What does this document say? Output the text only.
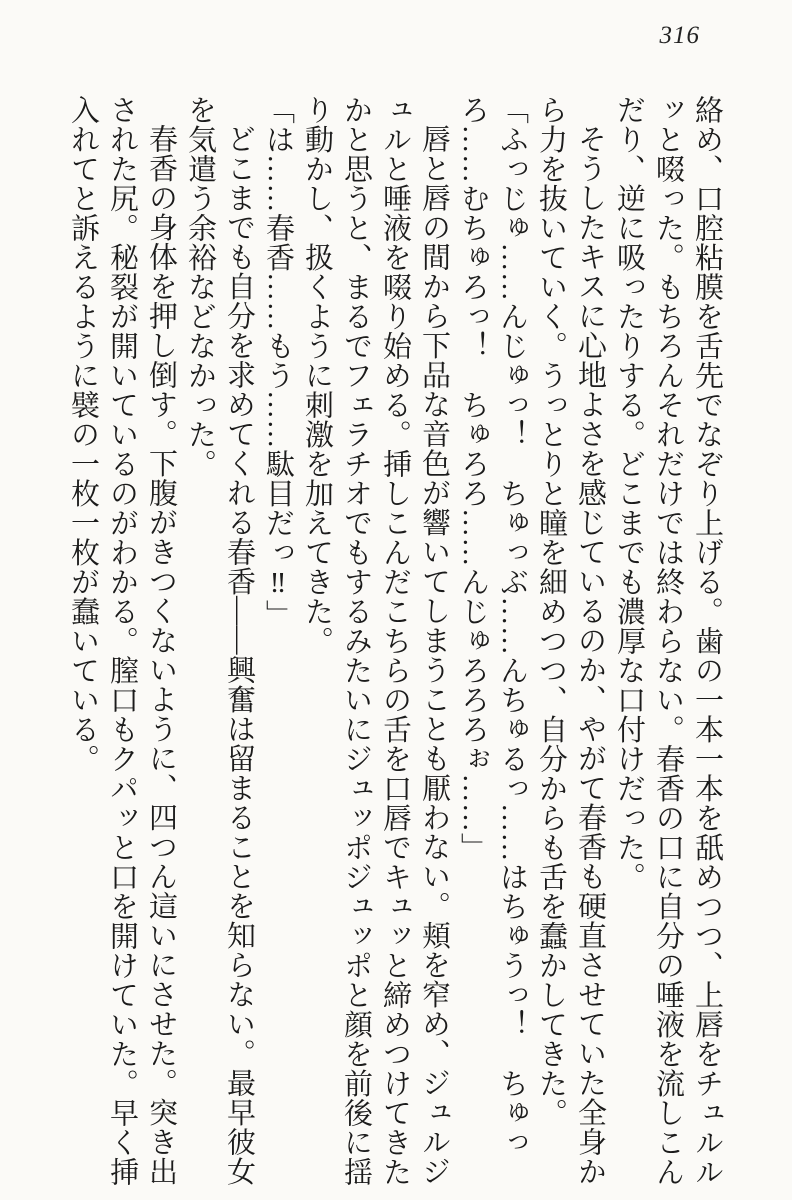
316

絡め、口腔粘膜を舌先でなぞり上げる。歯の一本一本を舐めつつ、上唇をチュルルッと啜った。もちろんそれだけでは終わらない。春香の口に自分の唾液を流しこんだり、逆に吸ったりする。どこまでも濃厚な口付けだった。

そうしたキスに心地よさを感じているのか、やがて春香も硬直させていた全身から力を抜いていく。うっとりと瞳を細めつつ、自分からも舌を蠢かしてきた。

「ふっじゅ……んじゅっ！　ちゅっぶ……んちゅるっ……はちゅうっ！　ちゅっろ……むちゅろっ！　ちゅろろ……んじゅろろろぉ……」

唇と唇の間から下品な音色が響いてしまうことも厭わない。頬を窄め、ジュルジュルと唾液を啜り始める。挿しこんだこちらの舌を口唇でキュッと締めつけてきたかと思うと、まるでフェラチオでもするみたいにジュッポジュッポと顔を前後に揺り動かし、扱くように刺激を加えてきた。

「は……春香……もう……駄目だっ‼」

どこまでも自分を求めてくれる春香――興奮は留まることを知らない。最早彼女を気遣う余裕などなかった。

春香の身体を押し倒す。下腹がきつくないように、四つん這いにさせた。突き出された尻。秘裂が開いているのがわかる。膣口もクパッと口を開けていた。早く挿入れてと訴えるように襞の一枚一枚が蠢いている。
